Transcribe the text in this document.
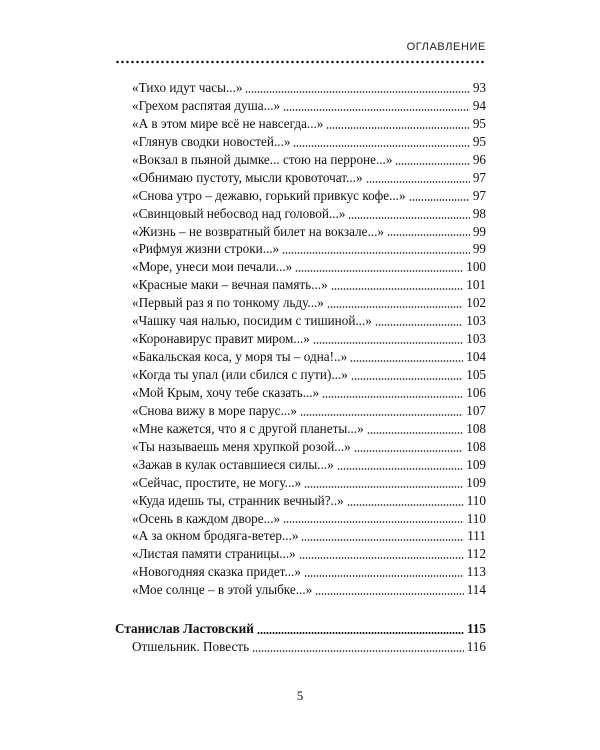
ОГЛАВЛЕНИЕ
«Тихо идут часы...»	93
«Грехом распятая душа...»	94
«А в этом мире всё не навсегда...»	95
«Глянув сводки новостей...»	95
«Вокзал в пьяной дымке... стою на перроне...»	96
«Обнимаю пустоту, мысли кровоточат...»	97
«Снова утро – дежавю, горький привкус кофе...»	97
«Свинцовый небосвод над головой...»	98
«Жизнь – не возвратный билет на вокзале...»	99
«Рифмуя жизни строки...»	99
«Море, унеси мои печали...»	100
«Красные маки – вечная память...»	101
«Первый раз я по тонкому льду...»	102
«Чашку чая налью, посидим с тишиной...»	103
«Коронавирус правит миром...»	103
«Бакальская коса, у моря ты – одна!..»	104
«Когда ты упал (или сбился с пути)...»	105
«Мой Крым, хочу тебе сказать...»	106
«Снова вижу в море парус...»	107
«Мне кажется, что я с другой планеты...»	108
«Ты называешь меня хрупкой розой...»	108
«Зажав в кулак оставшиеся силы...»	109
«Сейчас, простите, не могу...»	109
«Куда идешь ты, странник вечный?..»	110
«Осень в каждом дворе...»	110
«А за окном бродяга-ветер...»	111
«Листая памяти страницы...»	112
«Новогодняя сказка придет...»	113
«Мое солнце – в этой улыбке...»	114
Станислав Ластовский	115
Отшельник. Повесть	116
5
